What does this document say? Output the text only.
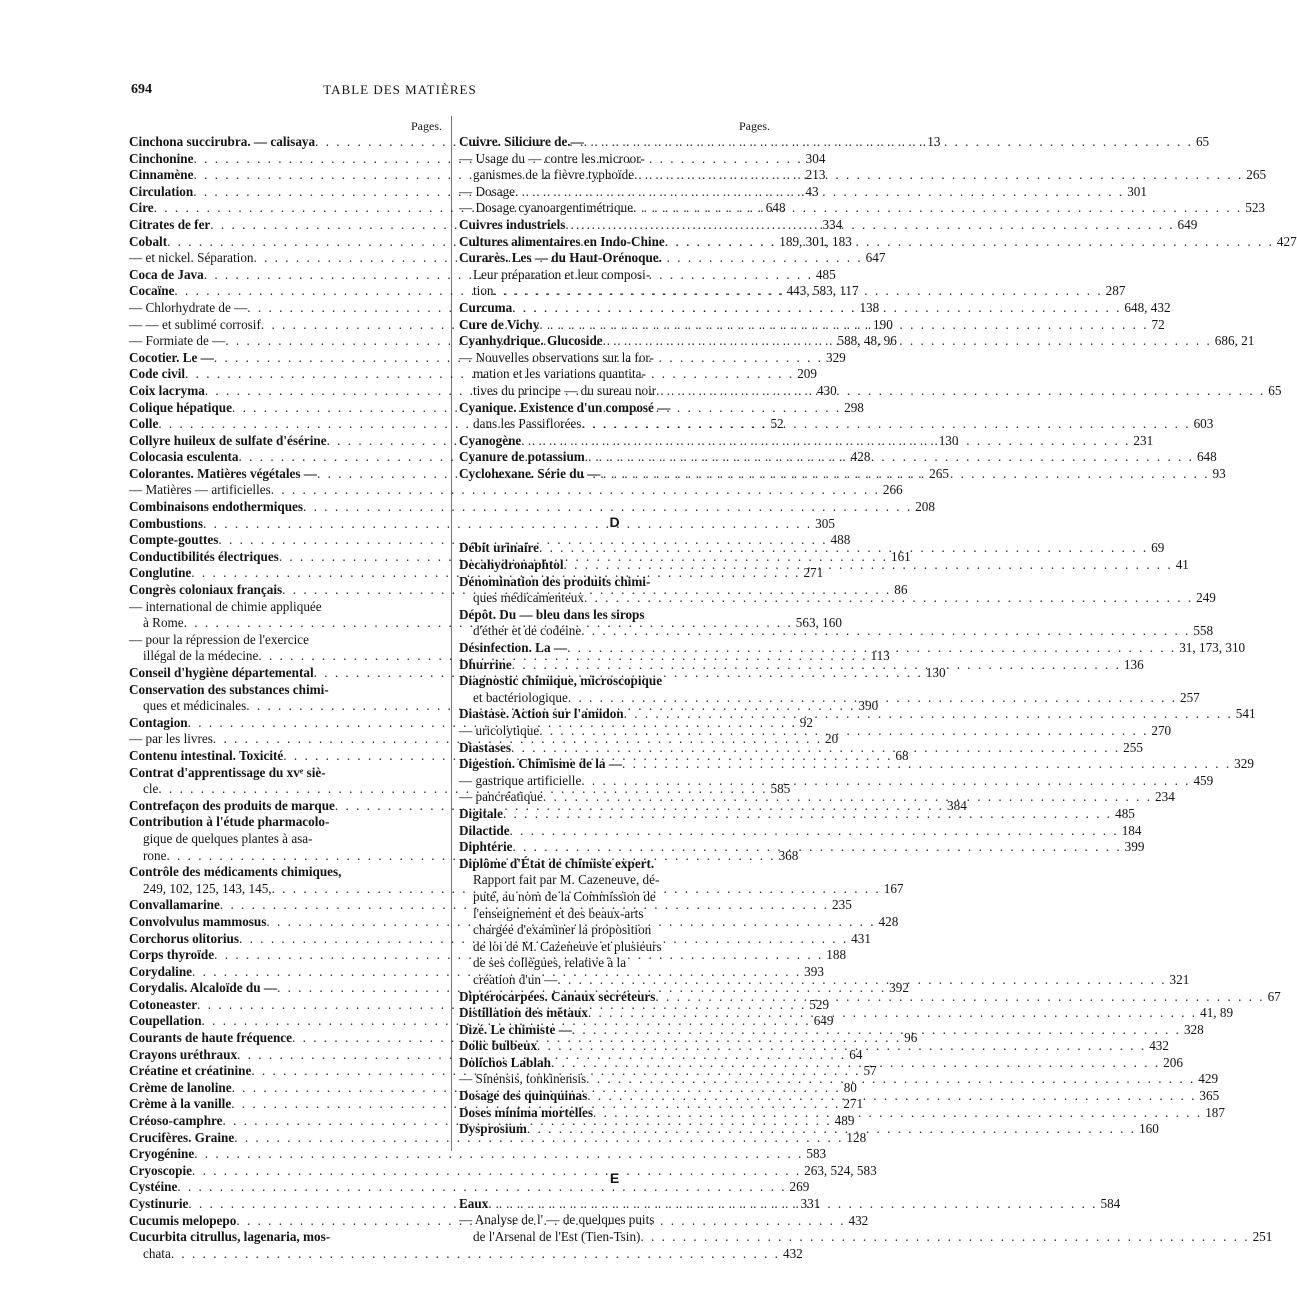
694	TABLE DES MATIÈRES
Pages.
Cinchona succirubra. — calisaya . . .	13
Cinchonine . . .	304
Cinnamène . . .	213
Circulation . . .	43
Cire . . .	648
Citrates de fer . . .	334
Cobalt . . .	189, 301, 183
— et nickel. Séparation . . .	647
Coca de Java . . .	485
Cocaïne . . .	443, 583, 117
— Chlorhydrate de — . . .	138
— — et sublimé corrosif . . .	190
— Formiate de — . . .	588, 48, 96
Cocotier. Le — . . .	329
Code civil . . .	209
Coix lacryma . . .	430
Colique hépatique . . .	298
Colle . . .	52
Collyre huileux de sulfate d'ésérine . . .	130
Colocasia esculenta . . .	428
Colorantes. Matières végétales — . . .	265
— Matières — artificielles . . .	266
Combinaisons endothermiques . . .	208
Combustions . . .	305
Compte-gouttes . . .	488
Conductibilités électriques . . .	161
Conglutine . . .	271
Congrès coloniaux français . . .	86
— international de chimie appliquée
à Rome . . .	563, 160
— pour la répression de l'exercice
illégal de la médecine . . .	113
Conseil d'hygiène départemental . . .	130
Conservation des substances chimi-
ques et médicinales . . .	390
Contagion . . .	92
— par les livres . . .	20
Contenu intestinal. Toxicité . . .	68
Contrat d'apprentissage du xvᵉ siè-
cle . . .	585
Contrefaçon des produits de marque . . .	384
Contribution à l'étude pharmacolo-
gique de quelques plantes à asa-
rone . . .	368
Contrôle des médicaments chimiques,
249, 102, 125, 143, 145, . . .	167
Convallamarine . . .	235
Convolvulus mammosus . . .	428
Corchorus olitorius . . .	431
Corps thyroïde . . .	188
Corydaline . . .	393
Corydalis. Alcaloïde du — . . .	392
Cotoneaster . . .	529
Coupellation . . .	649
Courants de haute fréquence . . .	96
Crayons uréthraux . . .	64
Créatine et créatinine . . .	57
Crème de lanoline . . .	80
Crème à la vanille . . .	271
Créoso-camphre . . .	489
Crucifères. Graine . . .	128
Cryogénine . . .	583
Cryoscopie . . .	263, 524, 583
Cystéine . . .	269
Cystinurie . . .	331
Cucumis melopepo . . .	432
Cucurbita citrullus, lagenaria, mos-
chata . . .	432
Pages.
Cuivre. Siliciure de.— . . .	65
— Usage du — contre les microor-
ganismes de la fièvre typhoïde . . .	265
— Dosage . . .	301
— Dosage cyanoargentimétrique . . .	523
Cuivres industriels . . .	649
Cultures alimentaires en Indo-Chine . . .	427
Curarès. Les — du Haut-Orénoque.
Leur préparation et leur composi-
tion . . .	287
Curcuma . . .	648, 432
Cure de Vichy . . .	72
Cyanhydrique. Glucoside . . .	686, 21
— Nouvelles observations sur la for-
mation et les variations quantita-
tives du principe — du sureau noir . . .	65
Cyanique. Existence d'un composé —
dans les Passiflorées . . .	603
Cyanogène . . .	231
Cyanure de potassium . . .	648
Cyclohexane. Série du — . . .	93
D
Débit urinaire . . .	69
Decahydronaphtol . . .	41
Dénomination des produits chimi-
ques médicamenteux . . .	249
Dépôt. Du — bleu dans les sirops
d'éther et de codéine . . .	558
Désinfection. La — . . .	31, 173, 310
Dhurrine . . .	136
Diagnostic chimique, microscopique
et bactériologique . . .	257
Diastase. Action sur l'amidon . . .	541
— uricolytique . . .	270
Diastases . . .	255
Digestion. Chimisme de la — . . .	329
— gastrique artificielle . . .	459
— pancréatique . . .	234
Digitale . . .	485
Dilactide . . .	184
Diphtérie . . .	399
Diplôme d'État de chimiste expert.
Rapport fait par M. Cazeneuve, dé-
puté, au nom de la Commission de
l'enseignement et des beaux-arts
chargée d'examiner la proposition
de loi de M. Cazeneuve et plusieurs
de ses collègues, relative à la
création d'un — . . .	321
Diptérocarpées. Canaux secréteurs . . .	67
Distillation des métaux . . .	41, 89
Dizé. Le chimiste — . . .	328
Dolic bulbeux . . .	432
Dolichos Lablah . . .	206
— Sinensis, tonkinensis . . .	429
Dosage des quinquinas . . .	365
Doses minima mortelles . . .	187
Dysprosium . . .	160
E
Eaux . . .	584
— Analyse de l' — de quelques puits
de l'Arsenal de l'Est (Tien-Tsin) . . .	251
